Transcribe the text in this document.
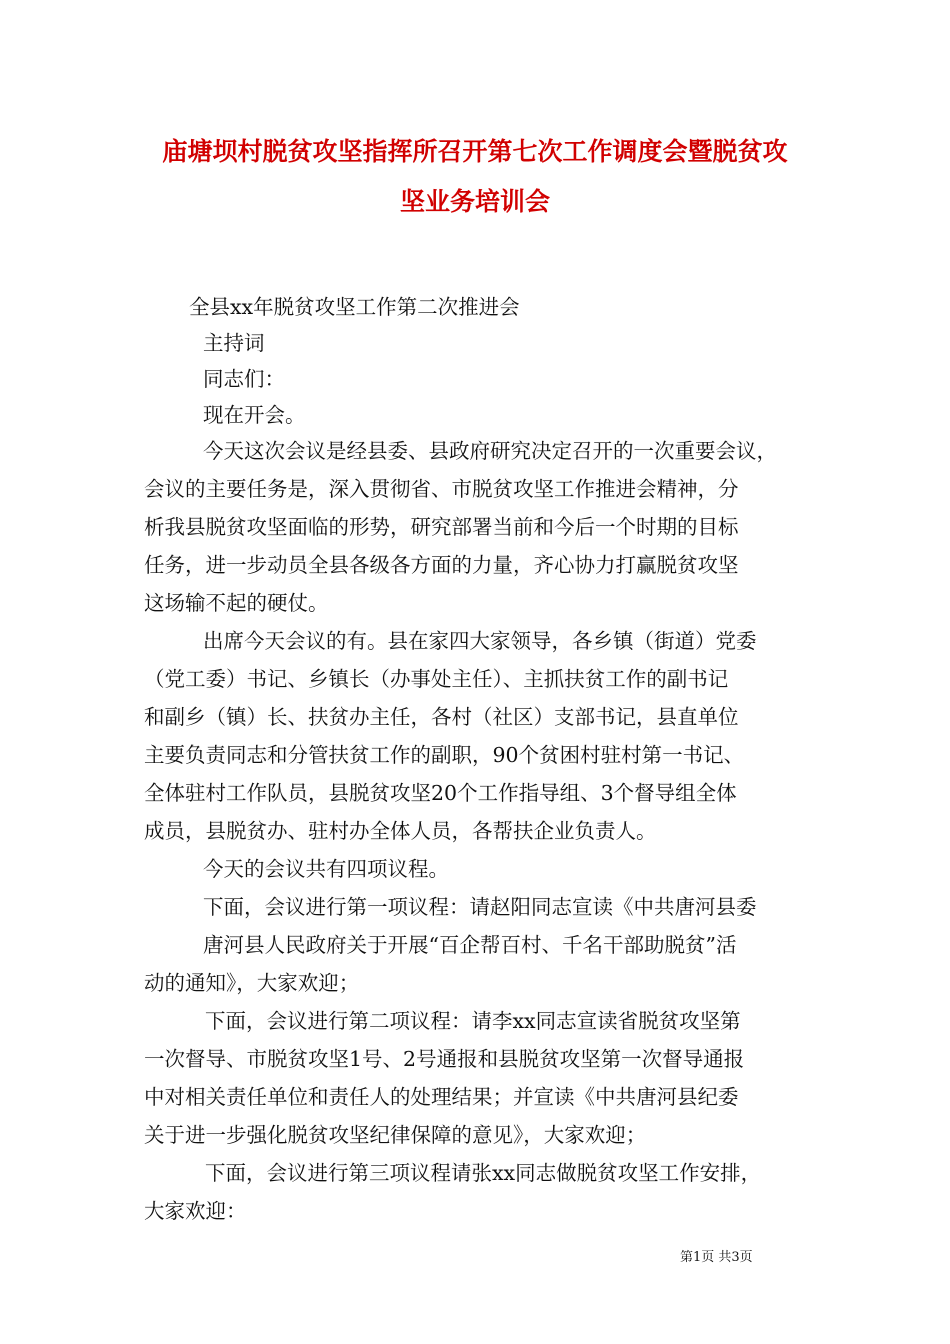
庙塘坝村脱贫攻坚指挥所召开第七次工作调度会暨脱贫攻
坚业务培训会
全县xx年脱贫攻坚工作第二次推进会
主持词
同志们：
现在开会。
今天这次会议是经县委、县政府研究决定召开的一次重要会议，
会议的主要任务是，深入贯彻省、市脱贫攻坚工作推进会精神，分
析我县脱贫攻坚面临的形势，研究部署当前和今后一个时期的目标
任务，进一步动员全县各级各方面的力量，齐心协力打赢脱贫攻坚
这场输不起的硬仗。
出席今天会议的有。县在家四大家领导，各乡镇（街道）党委
（党工委）书记、乡镇长（办事处主任）、主抓扶贫工作的副书记
和副乡（镇）长、扶贫办主任，各村（社区）支部书记，县直单位
主要负责同志和分管扶贫工作的副职，90个贫困村驻村第一书记、
全体驻村工作队员，县脱贫攻坚20个工作指导组、3个督导组全体
成员，县脱贫办、驻村办全体人员，各帮扶企业负责人。
今天的会议共有四项议程。
下面，会议进行第一项议程：请赵阳同志宣读《中共唐河县委
唐河县人民政府关于开展“百企帮百村、千名干部助脱贫”活
动的通知》，大家欢迎；
下面，会议进行第二项议程：请李xx同志宣读省脱贫攻坚第
一次督导、市脱贫攻坚1号、2号通报和县脱贫攻坚第一次督导通报
中对相关责任单位和责任人的处理结果；并宣读《中共唐河县纪委
关于进一步强化脱贫攻坚纪律保障的意见》，大家欢迎；
下面，会议进行第三项议程请张xx同志做脱贫攻坚工作安排，
大家欢迎：
第1页 共3页
